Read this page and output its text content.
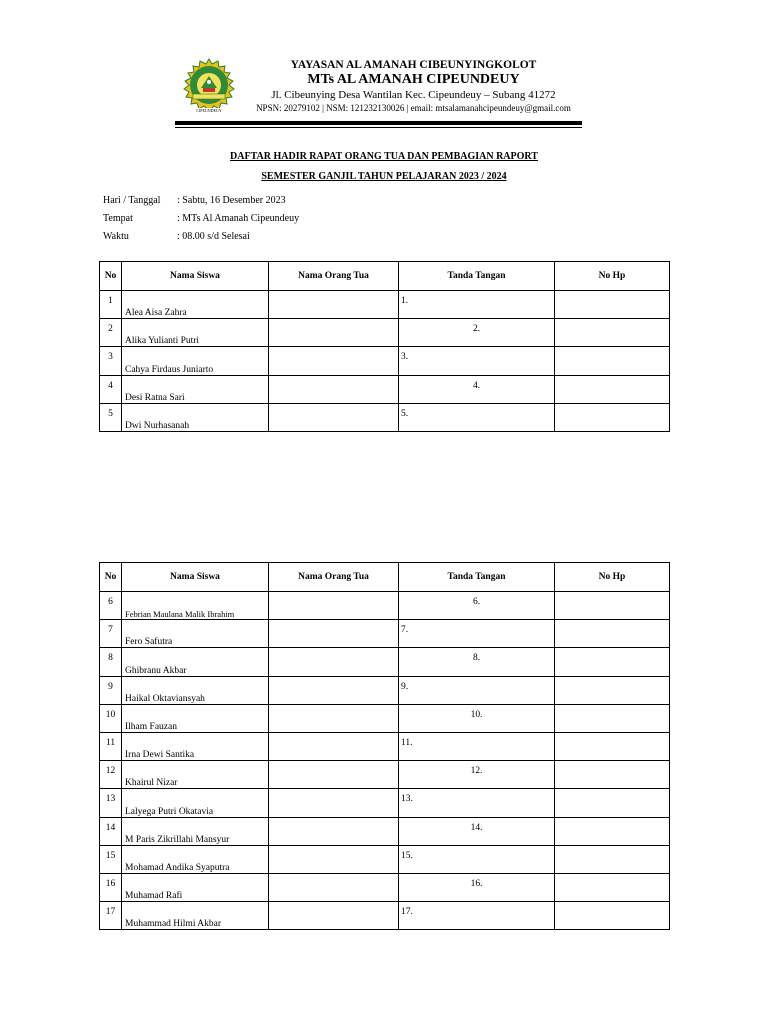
CIPEUNDEUY
YAYASAN AL AMANAH CIBEUNYINGKOLOT
MTs AL AMANAH CIPEUNDEUY
Jl. Cibeunying Desa Wantilan Kec. Cipeundeuy – Subang 41272
NPSN: 20279102 | NSM: 121232130026 | email: mtsalamanahcipeundeuy@gmail.com
DAFTAR HADIR RAPAT ORANG TUA DAN PEMBAGIAN RAPORT
SEMESTER GANJIL TAHUN PELAJARAN 2023 / 2024
Hari / Tanggal	: Sabtu, 16 Desember 2023
Tempat	: MTs Al Amanah Cipeundeuy
Waktu	: 08.00 s/d Selesai
No	Nama Siswa	Nama Orang Tua	Tanda Tangan	No Hp
1	Alea Aisa Zahra		1.	
2	Alika Yulianti Putri		2.	
3	Cahya Firdaus Juniarto		3.	
4	Desi Ratna Sari		4.	
5	Dwi Nurhasanah		5.	
No	Nama Siswa	Nama Orang Tua	Tanda Tangan	No Hp
6	Febrian Maulana Malik Ibrahim		6.	
7	Fero Safutra		7.	
8	Ghibranu Akbar		8.	
9	Haikal Oktaviansyah		9.	
10	Ilham Fauzan		10.	
11	Irna Dewi Santika		11.	
12	Khairul Nizar		12.	
13	Lalyega Putri Okatavia		13.	
14	M Paris Zikrillahi Mansyur		14.	
15	Mohamad Andika Syaputra		15.	
16	Muhamad Rafi		16.	
17	Muhammad Hilmi Akbar		17.	
